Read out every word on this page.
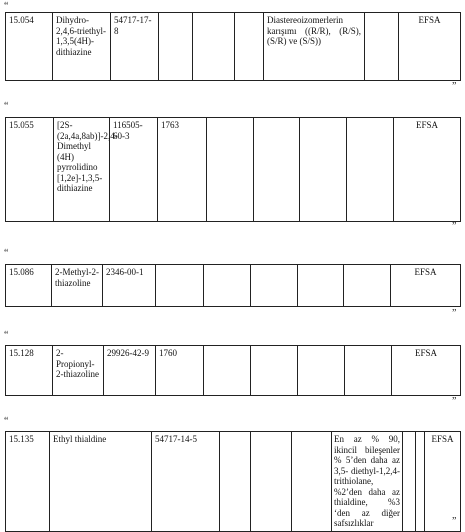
“
15.054	Dihydro-2,4,6-triethyl-1,3,5(4H)-dithiazine	54717-17-8				Diastereoizomerlerin karışımı ((R/R), (R/S), (S/R) ve (S/S))		EFSA
”
“
15.055	[2S-(2a,4a,8ab)]-2,4-Dimethyl (4H) pyrrolidino [1,2e]-1,3,5-dithiazine	116505-60-3	1763					EFSA
”
“
15.086	2-Methyl-2-thiazoline	2346-00-1						EFSA
”
“
15.128	2-Propionyl-2-thiazoline	29926-42-9	1760					EFSA
”
“
15.135	Ethyl thialdine	54717-14-5				En az % 90, ikincil bileşenler % 5’den daha az 3,5- diethyl-1,2,4-trithiolane, %2’den daha az thialdine, %3 ‘den az diğer safsızlıklar			EFSA
”
